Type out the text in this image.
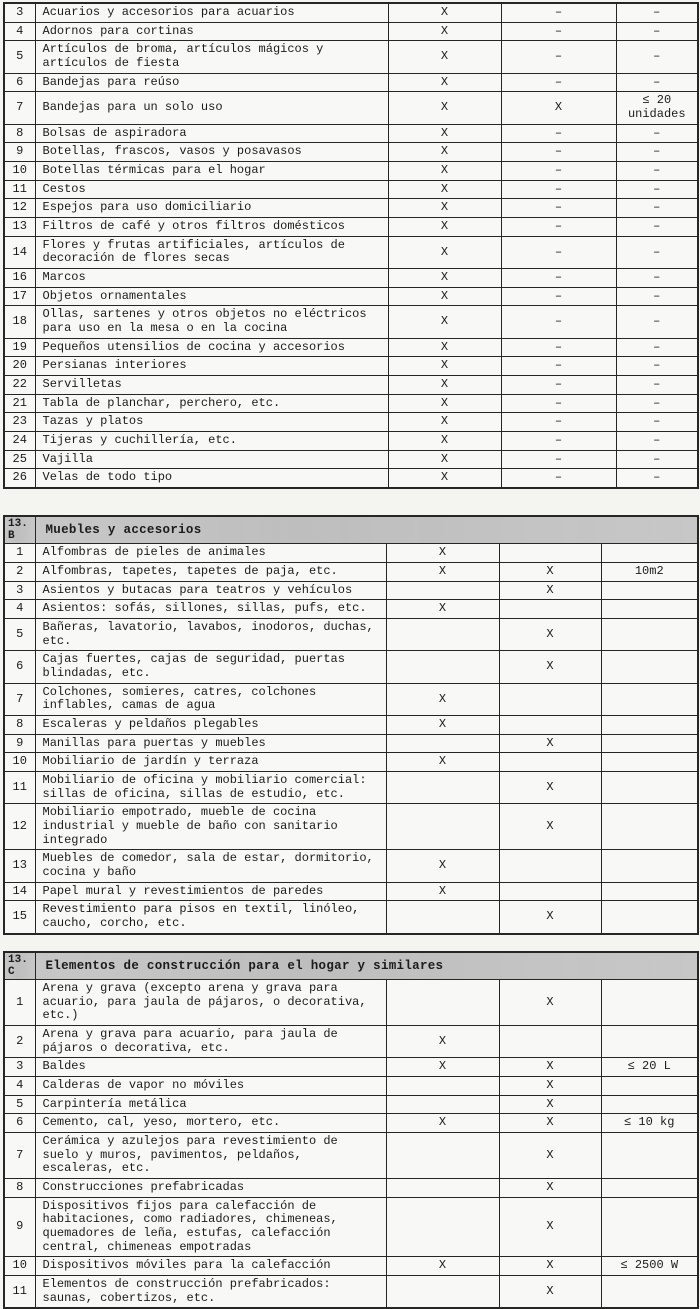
3	Acuarios y accesorios para acuarios	X	–	–
4	Adornos para cortinas	X	–	–
5	Artículos de broma, artículos mágicos y artículos de fiesta	X	–	–
6	Bandejas para reúso	X	–	–
7	Bandejas para un solo uso	X	X	≤ 20 unidades
8	Bolsas de aspiradora	X	–	–
9	Botellas, frascos, vasos y posavasos	X	–	–
10	Botellas térmicas para el hogar	X	–	–
11	Cestos	X	–	–
12	Espejos para uso domiciliario	X	–	–
13	Filtros de café y otros filtros domésticos	X	–	–
14	Flores y frutas artificiales, artículos de decoración de flores secas	X	–	–
16	Marcos	X	–	–
17	Objetos ornamentales	X	–	–
18	Ollas, sartenes y otros objetos no eléctricos para uso en la mesa o en la cocina	X	–	–
19	Pequeños utensilios de cocina y accesorios	X	–	–
20	Persianas interiores	X	–	–
22	Servilletas	X	–	–
21	Tabla de planchar, perchero, etc.	X	–	–
23	Tazas y platos	X	–	–
24	Tijeras y cuchillería, etc.	X	–	–
25	Vajilla	X	–	–
26	Velas de todo tipo	X	–	–
13.
B	Muebles y accesorios			
1	Alfombras de pieles de animales	X		
2	Alfombras, tapetes, tapetes de paja, etc.	X	X	10m2
3	Asientos y butacas para teatros y vehículos		X	
4	Asientos: sofás, sillones, sillas, pufs, etc.	X		
5	Bañeras, lavatorio, lavabos, inodoros, duchas, etc.		X	
6	Cajas fuertes, cajas de seguridad, puertas blindadas, etc.		X	
7	Colchones, somieres, catres, colchones inflables, camas de agua	X		
8	Escaleras y peldaños plegables	X		
9	Manillas para puertas y muebles		X	
10	Mobiliario de jardín y terraza	X		
11	Mobiliario de oficina y mobiliario comercial: sillas de oficina, sillas de estudio, etc.		X	
12	Mobiliario empotrado, mueble de cocina industrial y mueble de baño con sanitario integrado		X	
13	Muebles de comedor, sala de estar, dormitorio, cocina y baño	X		
14	Papel mural y revestimientos de paredes	X		
15	Revestimiento para pisos en textil, linóleo, caucho, corcho, etc.		X	
13.
C	Elementos de construcción para el hogar y similares			
1	Arena y grava (excepto arena y grava para acuario, para jaula de pájaros, o decorativa, etc.)		X	
2	Arena y grava para acuario, para jaula de pájaros o decorativa, etc.	X		
3	Baldes	X	X	≤ 20 L
4	Calderas de vapor no móviles		X	
5	Carpintería metálica		X	
6	Cemento, cal, yeso, mortero, etc.	X	X	≤ 10 kg
7	Cerámica y azulejos para revestimiento de suelo y muros, pavimentos, peldaños, escaleras, etc.		X	
8	Construcciones prefabricadas		X	
9	Dispositivos fijos para calefacción de habitaciones, como radiadores, chimeneas, quemadores de leña, estufas, calefacción central, chimeneas empotradas		X	
10	Dispositivos móviles para la calefacción	X	X	≤ 2500 W
11	Elementos de construcción prefabricados: saunas, cobertizos, etc.		X	
